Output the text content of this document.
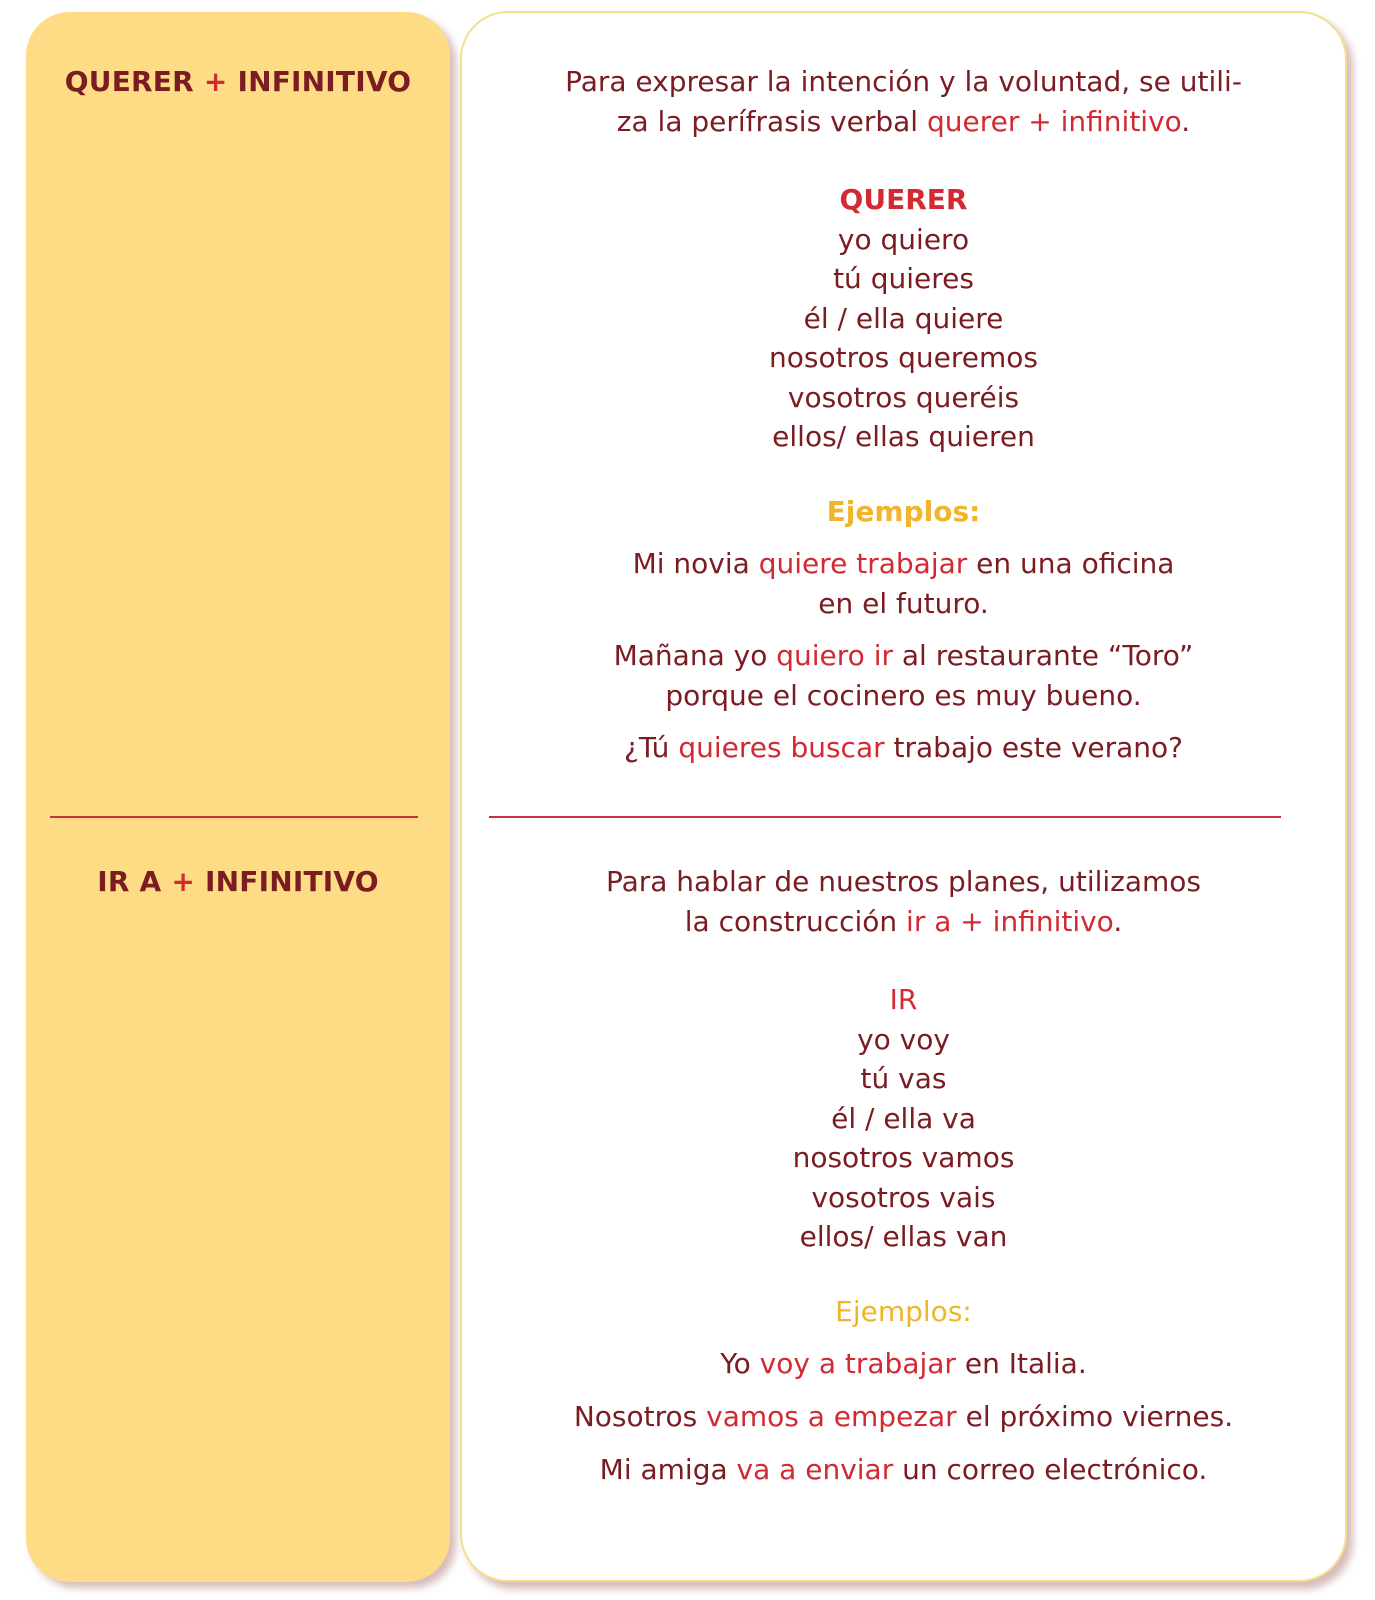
QUERER + INFINITIVO	Para expresar la intención y la voluntad, se utili-

za la perífrasis verbal querer + infinitivo.

QUERER

yo quiero

tú quieres

él / ella quiere

nosotros queremos

vosotros queréis

ellos/ ellas quieren

Ejemplos:

Mi novia quiere trabajar en una oficina

en el futuro.

Mañana yo quiero ir al restaurante “Toro”

porque el cocinero es muy bueno.

¿Tú quieres buscar trabajo este verano?

IR A + INFINITIVO	Para hablar de nuestros planes, utilizamos

la construcción ir a + infinitivo.

IR

yo voy

tú vas

él / ella va

nosotros vamos

vosotros vais

ellos/ ellas van

Ejemplos:

Yo voy a trabajar en Italia.

Nosotros vamos a empezar el próximo viernes.

Mi amiga va a enviar un correo electrónico.
